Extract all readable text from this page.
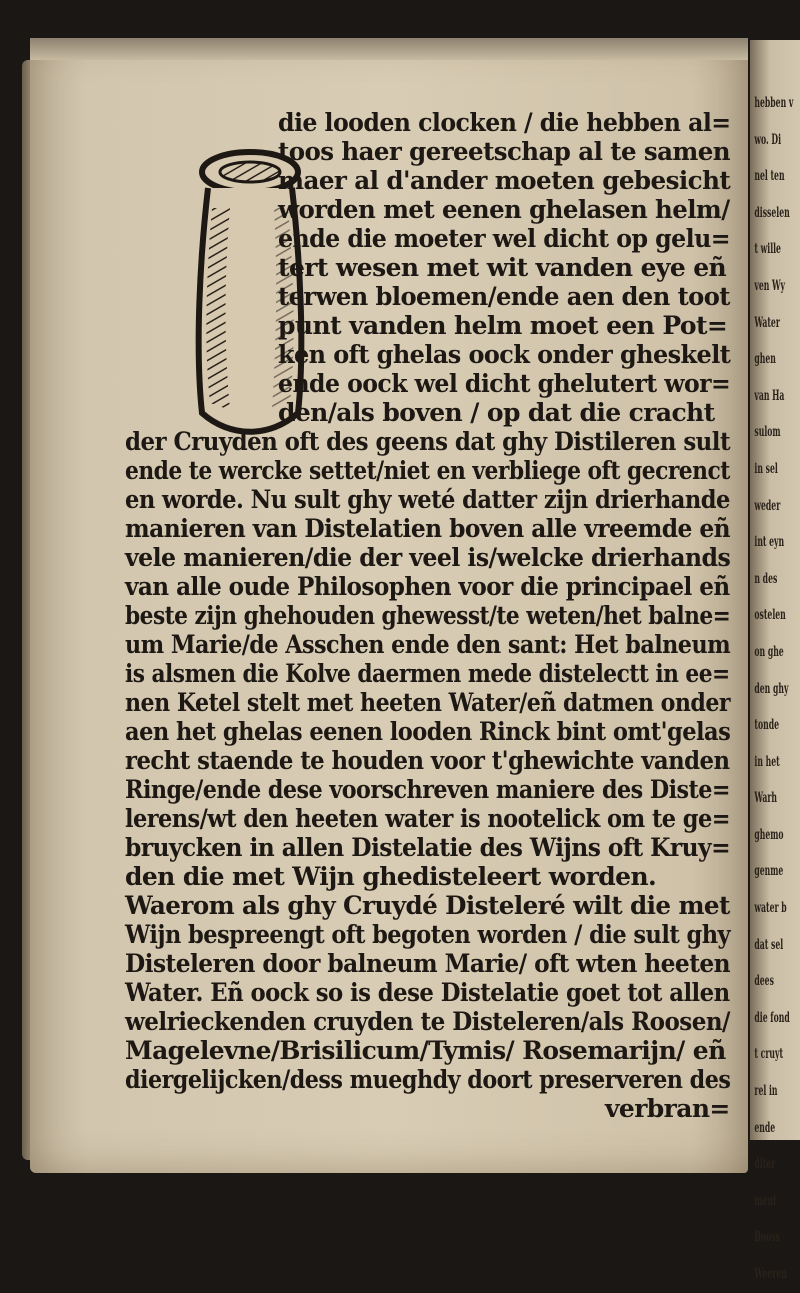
die looden clocken / die hebben al=
toos haer gereetschap al te samen
maer al d'ander moeten gebesicht
worden met eenen ghelasen helm/
ende die moeter wel dicht op gelu=
tert wesen met wit vanden eye eñ
terwen bloemen/ende aen den toot
punt vanden helm moet een Pot=
ken oft ghelas oock onder gheskelt
ende oock wel dicht ghelutert wor=
den/als boven / op dat die cracht
der Cruyden oft des geens dat ghy Distileren sult
ende te wercke settet/niet en verbliege oft gecrenct
en worde. Nu sult ghy weté datter zijn drierhande
manieren van Distelatien boven alle vreemde eñ
vele manieren/die der veel is/welcke drierhands
van alle oude Philosophen voor die principael eñ
beste zijn ghehouden ghewesst/te weten/het balne=
um Marie/de Asschen ende den sant: Het balneum
is alsmen die Kolve daermen mede distelectt in ee=
nen Ketel stelt met heeten Water/eñ datmen onder
aen het ghelas eenen looden Rinck bint omt'gelas
recht staende te houden voor t'ghewichte vanden
Ringe/ende dese voorschreven maniere des Diste=
lerens/wt den heeten water is nootelick om te ge=
bruycken in allen Distelatie des Wijns oft Kruy=
den die met Wijn ghedisteleert worden.
Waerom als ghy Cruydé Disteleré wilt die met
Wijn bespreengt oft begoten worden / die sult ghy
Disteleren door balneum Marie/ oft wten heeten
Water. Eñ oock so is dese Distelatie goet tot allen
welrieckenden cruyden te Disteleren/als Roosen/
Magelevne/Brisilicum/Tymis/ Rosemarijn/ eñ
diergelijcken/dess mueghdy doort preserveren des
verbran=
hebben v
wo. Di
nel ten
disselen
t wille
ven Wy
Water
ghen
van Ha
sulom
in sel
weder
int eyn
n des
ostelen
on ghe
den ghy
tonde
in het
Warh
ghemo
genme
water b
dat sel
dees
die fond
t cruyt
rel in
ende
diter
ment
Booss
Weeren
